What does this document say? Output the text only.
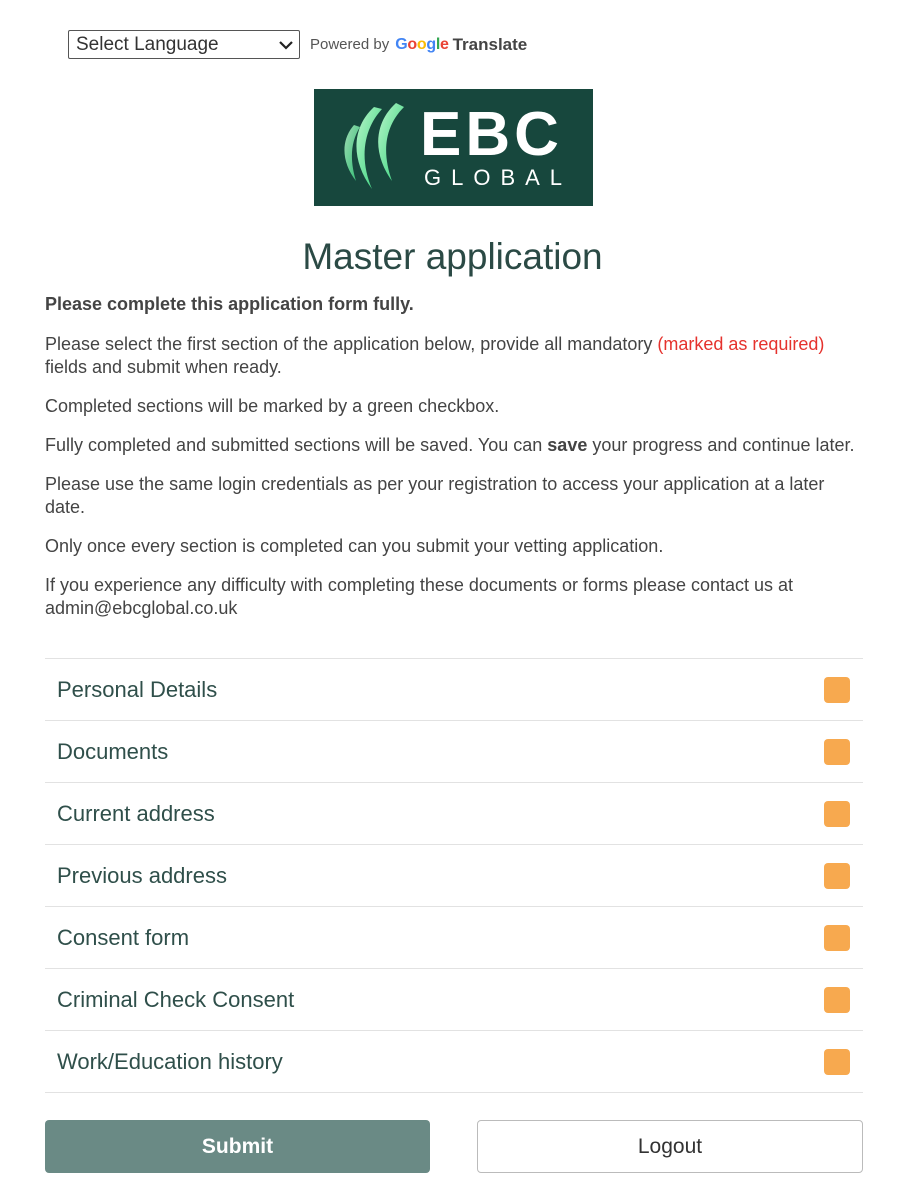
Select Language	Powered by Google Translate
EBC
GLOBAL
Master application

Please complete this application form fully.

Please select the first section of the application below, provide all mandatory (marked as required) fields and submit when ready.

Completed sections will be marked by a green checkbox.

Fully completed and submitted sections will be saved. You can save your progress and continue later.

Please use the same login credentials as per your registration to access your application at a later date.

Only once every section is completed can you submit your vetting application.

If you experience any difficulty with completing these documents or forms please contact us at admin@ebcglobal.co.uk

Personal Details
Documents
Current address
Previous address
Consent form
Criminal Check Consent
Work/Education history
Submit	Logout
